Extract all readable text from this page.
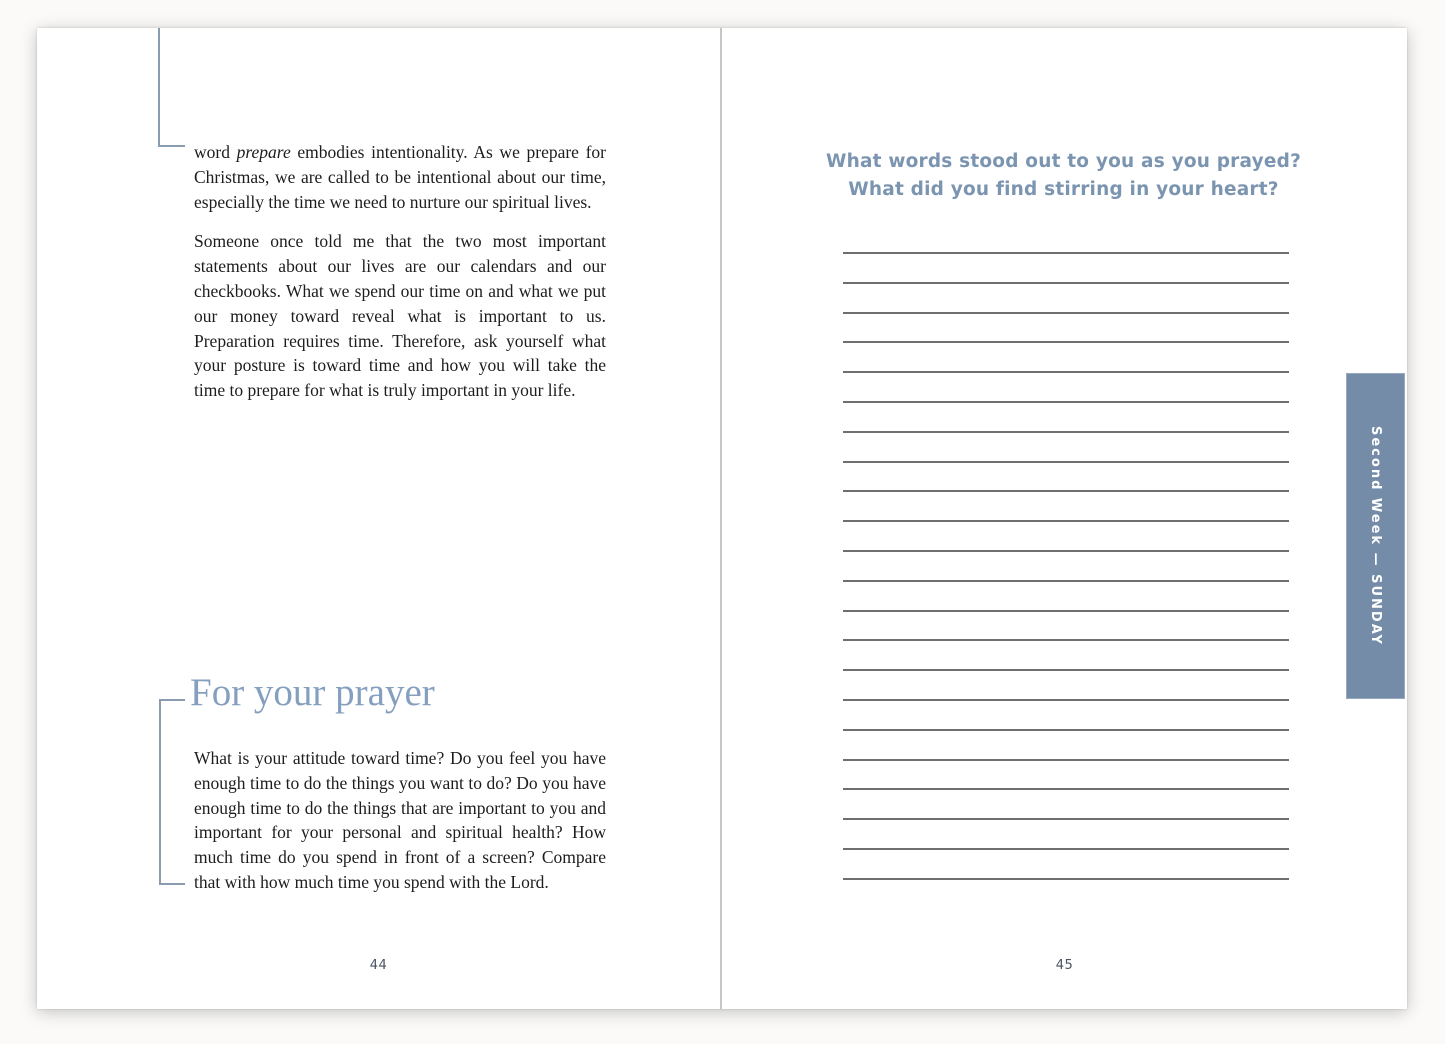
word prepare embodies intentionality. As we prepare for Christmas, we are called to be intentional about our time, especially the time we need to nurture our spiritual lives.

Someone once told me that the two most important statements about our lives are our calendars and our checkbooks. What we spend our time on and what we put our money toward reveal what is important to us. Preparation requires time. Therefore, ask yourself what your posture is toward time and how you will take the time to prepare for what is truly important in your life.

For your prayer

What is your attitude toward time? Do you feel you have enough time to do the things you want to do? Do you have enough time to do the things that are important to you and important for your personal and spiritual health? How much time do you spend in front of a screen? Compare that with how much time you spend with the Lord.

44
What words stood out to you as you prayed?
What did you find stirring in your heart?
Second Week — SUNDAY
45
